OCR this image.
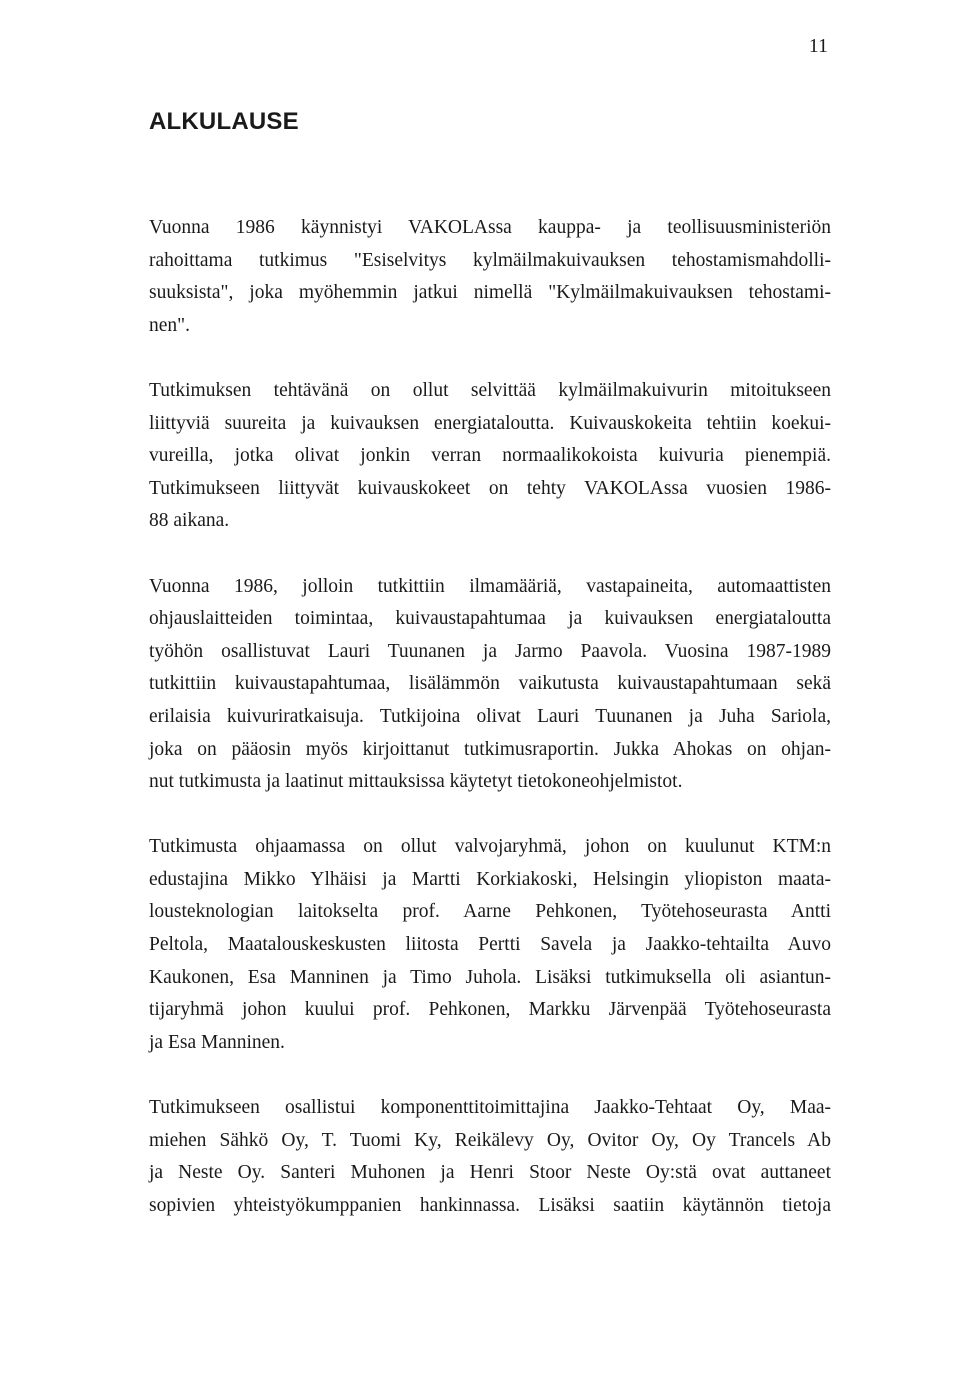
11
ALKULAUSE

Vuonna 1986 käynnistyi VAKOLAssa kauppa- ja teollisuusministeriön
rahoittama tutkimus "Esiselvitys kylmäilmakuivauksen tehostamismahdolli-
suuksista", joka myöhemmin jatkui nimellä "Kylmäilmakuivauksen tehostami-
nen".

Tutkimuksen tehtävänä on ollut selvittää kylmäilmakuivurin mitoitukseen
liittyviä suureita ja kuivauksen energiataloutta. Kuivauskokeita tehtiin koekui-
vureilla, jotka olivat jonkin verran normaalikokoista kuivuria pienempiä.
Tutkimukseen liittyvät kuivauskokeet on tehty VAKOLAssa vuosien 1986-
88 aikana.

Vuonna 1986, jolloin tutkittiin ilmamääriä, vastapaineita, automaattisten
ohjauslaitteiden toimintaa, kuivaustapahtumaa ja kuivauksen energiataloutta
työhön osallistuvat Lauri Tuunanen ja Jarmo Paavola. Vuosina 1987-1989
tutkittiin kuivaustapahtumaa, lisälämmön vaikutusta kuivaustapahtumaan sekä
erilaisia kuivuriratkaisuja. Tutkijoina olivat Lauri Tuunanen ja Juha Sariola,
joka on pääosin myös kirjoittanut tutkimusraportin. Jukka Ahokas on ohjan-
nut tutkimusta ja laatinut mittauksissa käytetyt tietokoneohjelmistot.

Tutkimusta ohjaamassa on ollut valvojaryhmä, johon on kuulunut KTM:n
edustajina Mikko Ylhäisi ja Martti Korkiakoski, Helsingin yliopiston maata-
lousteknologian laitokselta prof. Aarne Pehkonen, Työtehoseurasta Antti
Peltola, Maatalouskeskusten liitosta Pertti Savela ja Jaakko-tehtailta Auvo
Kaukonen, Esa Manninen ja Timo Juhola. Lisäksi tutkimuksella oli asiantun-
tijaryhmä johon kuului prof. Pehkonen, Markku Järvenpää Työtehoseurasta
ja Esa Manninen.

Tutkimukseen osallistui komponenttitoimittajina Jaakko-Tehtaat Oy, Maa-
miehen Sähkö Oy, T. Tuomi Ky, Reikälevy Oy, Ovitor Oy, Oy Trancels Ab
ja Neste Oy. Santeri Muhonen ja Henri Stoor Neste Oy:stä ovat auttaneet
sopivien yhteistyökumppanien hankinnassa. Lisäksi saatiin käytännön tietoja
